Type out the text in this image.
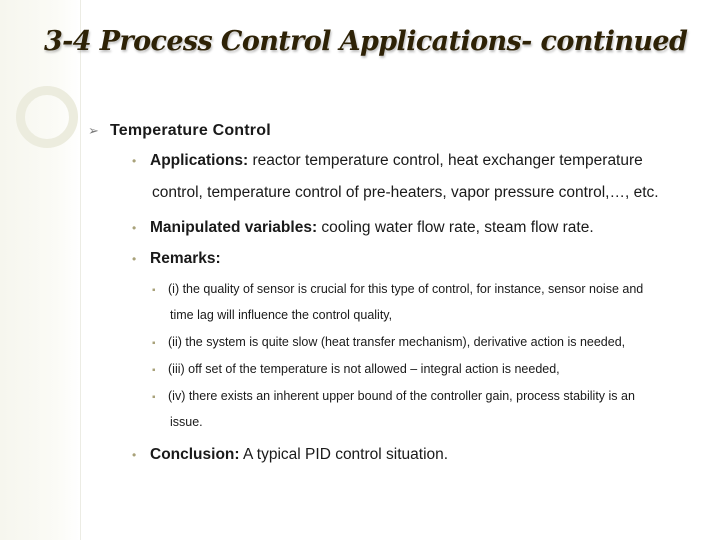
3-4 Process Control Applications- continued
➢ Temperature Control
• Applications: reactor temperature control, heat exchanger temperature
control, temperature control of pre-heaters, vapor pressure control,…, etc.
• Manipulated variables: cooling water flow rate, steam flow rate.
• Remarks:
▪ (i) the quality of sensor is crucial for this type of control, for instance, sensor noise and
time lag will influence the control quality,
▪ (ii) the system is quite slow (heat transfer mechanism), derivative action is needed,
▪ (iii) off set of the temperature is not allowed – integral action is needed,
▪ (iv) there exists an inherent upper bound of the controller gain, process stability is an
issue.
• Conclusion: A typical PID control situation.
